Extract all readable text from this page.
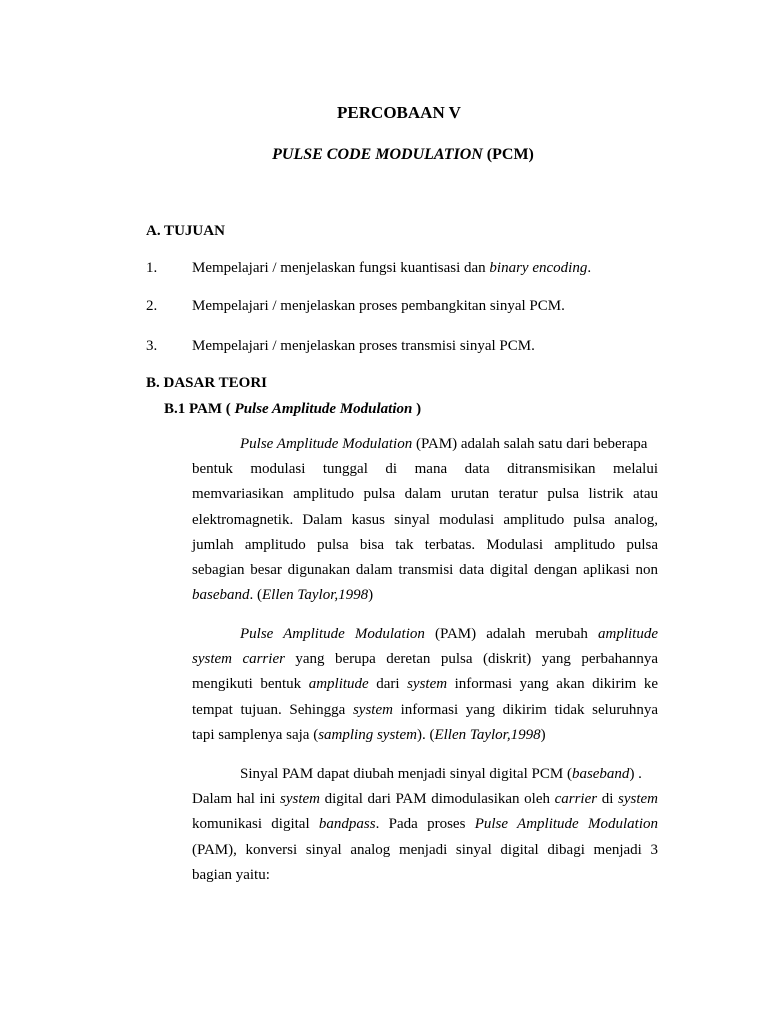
PERCOBAAN V
PULSE CODE MODULATION (PCM)
A. TUJUAN
1. Mempelajari / menjelaskan fungsi kuantisasi dan binary encoding.
2. Mempelajari / menjelaskan proses pembangkitan sinyal PCM.
3. Mempelajari / menjelaskan proses transmisi sinyal PCM.
B. DASAR TEORI
B.1 PAM ( Pulse Amplitude Modulation )
Pulse Amplitude Modulation (PAM) adalah salah satu dari beberapa
bentuk modulasi tunggal di mana data ditransmisikan melalui
memvariasikan amplitudo pulsa dalam urutan teratur pulsa listrik atau
elektromagnetik. Dalam kasus sinyal modulasi amplitudo pulsa analog,
jumlah amplitudo pulsa bisa tak terbatas. Modulasi amplitudo pulsa
sebagian besar digunakan dalam transmisi data digital dengan aplikasi non
baseband. (Ellen Taylor,1998)
Pulse Amplitude Modulation (PAM) adalah merubah amplitude
system carrier yang berupa deretan pulsa (diskrit) yang perbahannya
mengikuti bentuk amplitude dari system informasi yang akan dikirim ke
tempat tujuan. Sehingga system informasi yang dikirim tidak seluruhnya
tapi samplenya saja (sampling system). (Ellen Taylor,1998)
Sinyal PAM dapat diubah menjadi sinyal digital PCM (baseband) .
Dalam hal ini system digital dari PAM dimodulasikan oleh carrier di system
komunikasi digital bandpass. Pada proses Pulse Amplitude Modulation
(PAM), konversi sinyal analog menjadi sinyal digital dibagi menjadi 3
bagian yaitu:
